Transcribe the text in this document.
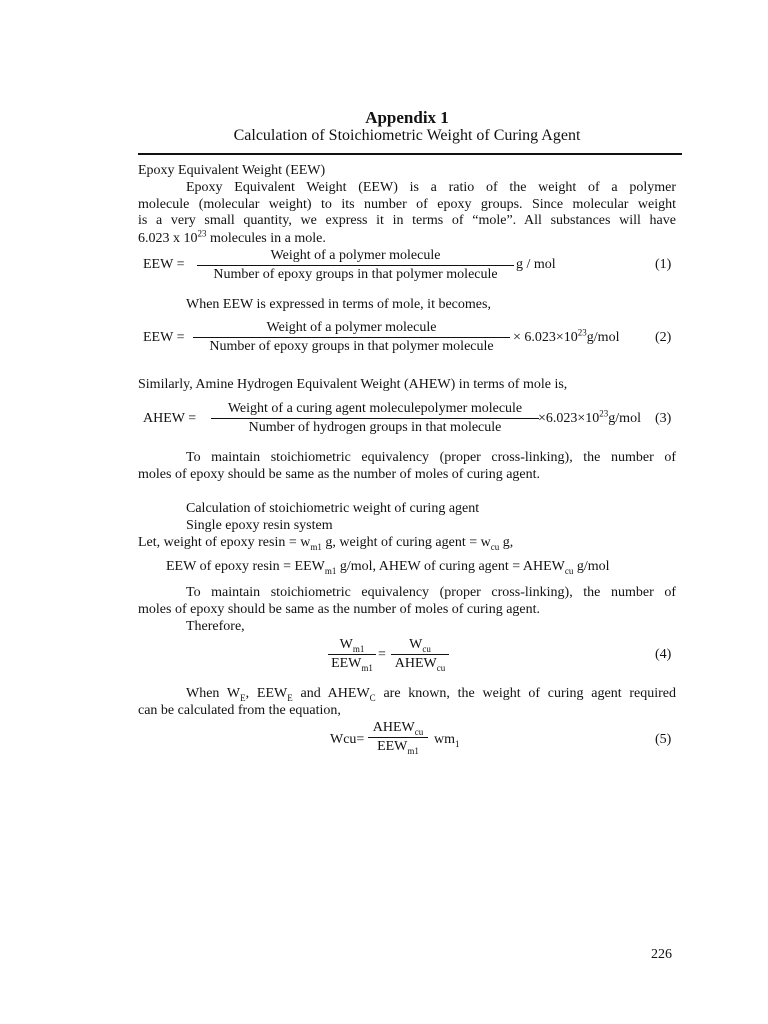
Appendix 1
Calculation of Stoichiometric Weight of Curing Agent
Epoxy Equivalent Weight (EEW)
Epoxy Equivalent Weight (EEW) is a ratio of the weight of a polymer
molecule (molecular weight) to its number of epoxy groups. Since molecular weight
is a very small quantity, we express it in terms of “mole”. All substances will have
6.023 x $10^{23}$ molecules in a mole.
EEW =
Weight of a polymer molecule
Number of epoxy groups in that polymer molecule
g / mol	(1)
When EEW is expressed in terms of mole, it becomes,
EEW =
Weight of a polymer molecule
Number of epoxy groups in that polymer molecule
× $6.023\times 10^{23}g$/mol	(2)
Similarly, Amine Hydrogen Equivalent Weight (AHEW) in terms of mole is,
AHEW =
Weight of a curing agent moleculepolymer molecule
Number of hydrogen groups in that molecule
$\times 6.023\times 10^{23}g$/mol (3)
To maintain stoichiometric equivalency (proper cross-linking), the number of
moles of epoxy should be same as the number of moles of curing agent.
Calculation of stoichiometric weight of curing agent
Single epoxy resin system
Let, weight of epoxy $resin = w_{m1}$ g, weight of curing agent = $w_{cu}$ g,
EEW of epoxy $resin = EEW_{m1}$ g/mol, AHEW of curing agent = $AHEW_{cu}$ g/mol
To maintain stoichiometric equivalency (proper cross-linking), the number of
moles of epoxy should be same as the number of moles of curing agent.
Therefore,
$W_{m1}$
$EEW_{m1}$
=
$W_{cu}$
$AHEW_{cu}$
(4)
When $W_E$, $EEW_E$ and $AHEW_C$ are known, the weight of curing agent required
can be calculated from the equation,
Wcu=
$AHEW_{cu}$
$EEW_{m1}$
$wm_1$	(5)
226
